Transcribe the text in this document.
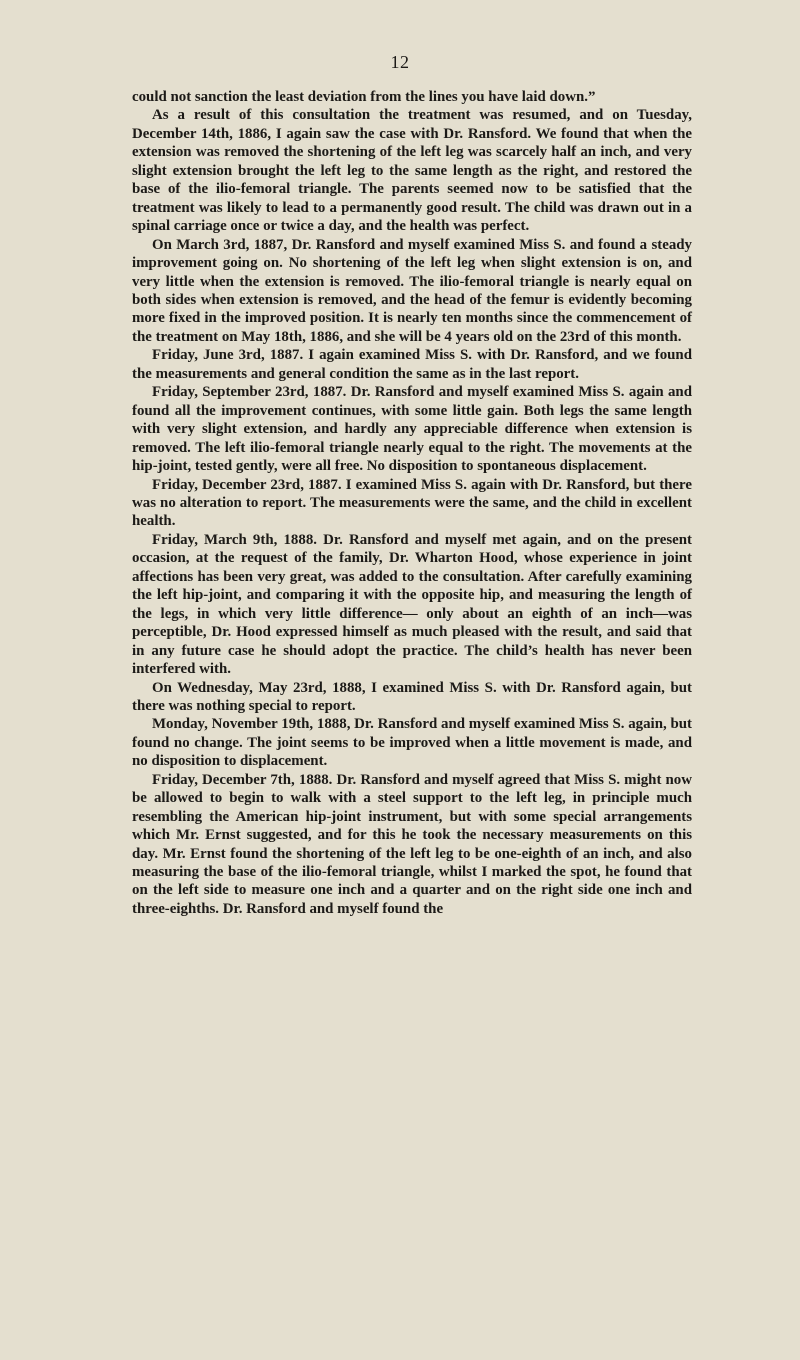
12

could not sanction the least deviation from the lines you have laid down.”

As a result of this consultation the treatment was resumed, and on Tuesday, December 14th, 1886, I again saw the case with Dr. Ransford. We found that when the extension was removed the shortening of the left leg was scarcely half an inch, and very slight extension brought the left leg to the same length as the right, and restored the base of the ilio-femoral triangle. The parents seemed now to be satisfied that the treatment was likely to lead to a permanently good result. The child was drawn out in a spinal carriage once or twice a day, and the health was perfect.

On March 3rd, 1887, Dr. Ransford and myself examined Miss S. and found a steady improvement going on. No shortening of the left leg when slight extension is on, and very little when the extension is removed. The ilio-femoral triangle is nearly equal on both sides when extension is removed, and the head of the femur is evidently becoming more fixed in the improved position. It is nearly ten months since the commencement of the treatment on May 18th, 1886, and she will be 4 years old on the 23rd of this month.

Friday, June 3rd, 1887. I again examined Miss S. with Dr. Ransford, and we found the measurements and general condition the same as in the last report.

Friday, September 23rd, 1887. Dr. Ransford and myself examined Miss S. again and found all the improvement continues, with some little gain. Both legs the same length with very slight extension, and hardly any appreciable difference when extension is removed. The left ilio-femoral triangle nearly equal to the right. The movements at the hip-joint, tested gently, were all free. No disposition to spontaneous displacement.

Friday, December 23rd, 1887. I examined Miss S. again with Dr. Ransford, but there was no alteration to report. The measurements were the same, and the child in excellent health.

Friday, March 9th, 1888. Dr. Ransford and myself met again, and on the present occasion, at the request of the family, Dr. Wharton Hood, whose experience in joint affections has been very great, was added to the consultation. After carefully examining the left hip-joint, and comparing it with the opposite hip, and measuring the length of the legs, in which very little difference— only about an eighth of an inch—was perceptible, Dr. Hood expressed himself as much pleased with the result, and said that in any future case he should adopt the practice. The child’s health has never been interfered with.

On Wednesday, May 23rd, 1888, I examined Miss S. with Dr. Ransford again, but there was nothing special to report.

Monday, November 19th, 1888, Dr. Ransford and myself examined Miss S. again, but found no change. The joint seems to be improved when a little movement is made, and no disposition to displacement.

Friday, December 7th, 1888. Dr. Ransford and myself agreed that Miss S. might now be allowed to begin to walk with a steel support to the left leg, in principle much resembling the American hip-joint instrument, but with some special arrangements which Mr. Ernst suggested, and for this he took the necessary measurements on this day. Mr. Ernst found the shortening of the left leg to be one-eighth of an inch, and also measuring the base of the ilio-femoral triangle, whilst I marked the spot, he found that on the left side to measure one inch and a quarter and on the right side one inch and three-eighths. Dr. Ransford and myself found the
